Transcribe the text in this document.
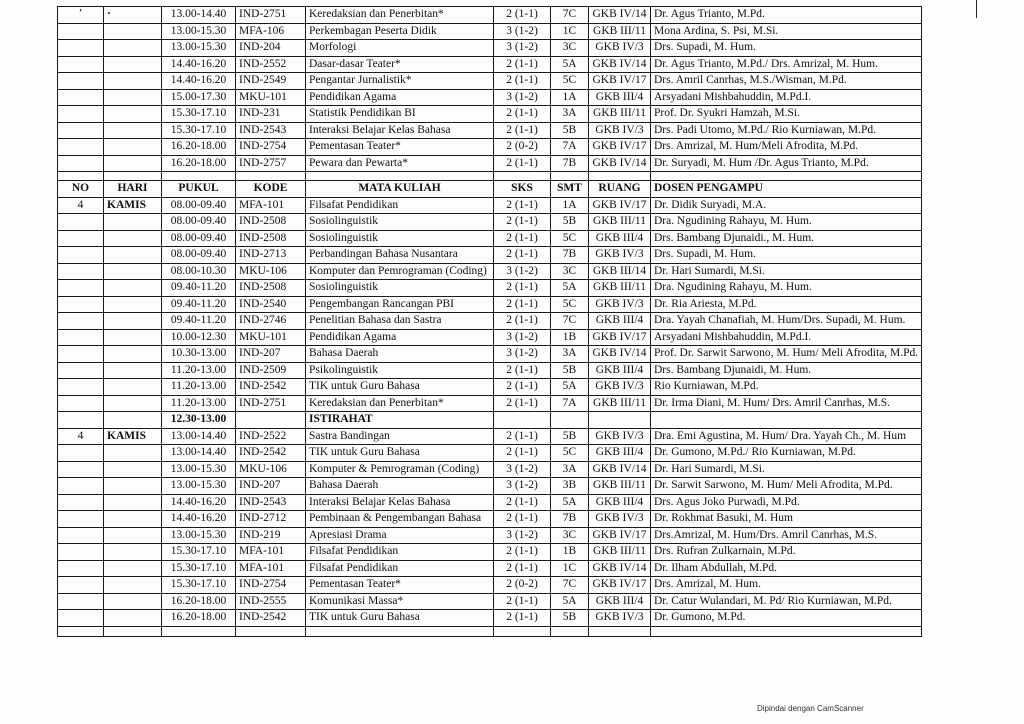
ʼ	·	13.00-14.40	IND-2751	Keredaksian dan Penerbitan*	2 (1-1)	7C	GKB IV/14	Dr. Agus Trianto, M.Pd.
		13.00-15.30	MFA-106	Perkembagan Peserta Didik	3 (1-2)	1C	GKB III/11	Mona Ardina, S. Psi, M.Si.
		13.00-15.30	IND-204	Morfologi	3 (1-2)	3C	GKB IV/3	Drs. Supadi, M. Hum.
		14.40-16.20	IND-2552	Dasar-dasar Teater*	2 (1-1)	5A	GKB IV/14	Dr. Agus Trianto, M.Pd./ Drs. Amrizal, M. Hum.
		14.40-16.20	IND-2549	Pengantar Jurnalistik*	2 (1-1)	5C	GKB IV/17	Drs. Amril Canrhas, M.S./Wisman, M.Pd.
		15.00-17.30	MKU-101	Pendidikan Agama	3 (1-2)	1A	GKB III/4	Arsyadani Mishbahuddin, M.Pd.I.
		15.30-17.10	IND-231	Statistik Pendidikan BI	2 (1-1)	3A	GKB III/11	Prof. Dr. Syukri Hamzah, M.Si.
		15.30-17.10	IND-2543	Interaksi Belajar Kelas Bahasa	2 (1-1)	5B	GKB IV/3	Drs. Padi Utomo, M.Pd./ Rio Kurniawan, M.Pd.
		16.20-18.00	IND-2754	Pementasan Teater*	2 (0-2)	7A	GKB IV/17	Drs. Amrizal, M. Hum/Meli Afrodita, M.Pd.
		16.20-18.00	IND-2757	Pewara dan Pewarta*	2 (1-1)	7B	GKB IV/14	Dr. Suryadi, M. Hum /Dr. Agus Trianto, M.Pd.

NO	HARI	PUKUL	KODE	MATA KULIAH	SKS	SMT	RUANG	DOSEN PENGAMPU
4	KAMIS	08.00-09.40	MFA-101	Filsafat Pendidikan	2 (1-1)	1A	GKB IV/17	Dr. Didik Suryadi, M.A.
		08.00-09.40	IND-2508	Sosiolinguistik	2 (1-1)	5B	GKB III/11	Dra. Ngudining Rahayu, M. Hum.
		08.00-09.40	IND-2508	Sosiolinguistik	2 (1-1)	5C	GKB III/4	Drs. Bambang Djunaidi., M. Hum.
		08.00-09.40	IND-2713	Perbandingan Bahasa Nusantara	2 (1-1)	7B	GKB IV/3	Drs. Supadi, M. Hum.
		08.00-10.30	MKU-106	Komputer dan Pemrograman (Coding)	3 (1-2)	3C	GKB III/14	Dr. Hari Sumardi, M.Si.
		09.40-11.20	IND-2508	Sosiolinguistik	2 (1-1)	5A	GKB III/11	Dra. Ngudining Rahayu, M. Hum.
		09.40-11.20	IND-2540	Pengembangan Rancangan PBI	2 (1-1)	5C	GKB IV/3	Dr. Ria Ariesta, M.Pd.
		09.40-11.20	IND-2746	Penelitian Bahasa dan Sastra	2 (1-1)	7C	GKB III/4	Dra. Yayah Chanafiah, M. Hum/Drs. Supadi, M. Hum.
		10.00-12.30	MKU-101	Pendidikan Agama	3 (1-2)	1B	GKB IV/17	Arsyadani Mishbahuddin, M.Pd.I.
		10.30-13.00	IND-207	Bahasa Daerah	3 (1-2)	3A	GKB IV/14	Prof. Dr. Sarwit Sarwono, M. Hum/ Meli Afrodita, M.Pd.
		11.20-13.00	IND-2509	Psikolinguistik	2 (1-1)	5B	GKB III/4	Drs. Bambang Djunaidi, M. Hum.
		11.20-13.00	IND-2542	TIK untuk Guru Bahasa	2 (1-1)	5A	GKB IV/3	Rio Kurniawan, M.Pd.
		11.20-13.00	IND-2751	Keredaksian dan Penerbitan*	2 (1-1)	7A	GKB III/11	Dr. Irma Diani, M. Hum/ Drs. Amril Canrhas, M.S.
		12.30-13.00		ISTIRAHAT				
4	KAMIS	13.00-14.40	IND-2522	Sastra Bandingan	2 (1-1)	5B	GKB IV/3	Dra. Emi Agustina, M. Hum/ Dra. Yayah Ch., M. Hum
		13.00-14.40	IND-2542	TIK untuk Guru Bahasa	2 (1-1)	5C	GKB III/4	Dr. Gumono, M.Pd./ Rio Kurniawan, M.Pd.
		13.00-15.30	MKU-106	Komputer & Pemrograman (Coding)	3 (1-2)	3A	GKB IV/14	Dr. Hari Sumardi, M.Si.
		13.00-15.30	IND-207	Bahasa Daerah	3 (1-2)	3B	GKB III/11	Dr. Sarwit Sarwono, M. Hum/ Meli Afrodita, M.Pd.
		14.40-16.20	IND-2543	Interaksi Belajar Kelas Bahasa	2 (1-1)	5A	GKB III/4	Drs. Agus Joko Purwadi, M.Pd.
		14.40-16.20	IND-2712	Pembinaan & Pengembangan Bahasa	2 (1-1)	7B	GKB IV/3	Dr. Rokhmat Basuki, M. Hum
		13.00-15.30	IND-219	Apresiasi Drama	3 (1-2)	3C	GKB IV/17	Drs.Amrizal, M. Hum/Drs. Amril Canrhas, M.S.
		15.30-17.10	MFA-101	Filsafat Pendidikan	2 (1-1)	1B	GKB III/11	Drs. Rufran Zulkarnain, M.Pd.
		15.30-17.10	MFA-101	Filsafat Pendidikan	2 (1-1)	1C	GKB IV/14	Dr. Ilham Abdullah, M.Pd.
		15.30-17.10	IND-2754	Pementasan Teater*	2 (0-2)	7C	GKB IV/17	Drs. Amrizal, M. Hum.
		16.20-18.00	IND-2555	Komunikasi Massa*	2 (1-1)	5A	GKB III/4	Dr. Catur Wulandari, M. Pd/ Rio Kurniawan, M.Pd.
		16.20-18.00	IND-2542	TIK untuk Guru Bahasa	2 (1-1)	5B	GKB IV/3	Dr. Gumono, M.Pd.

Dipindai dengan CamScanner
